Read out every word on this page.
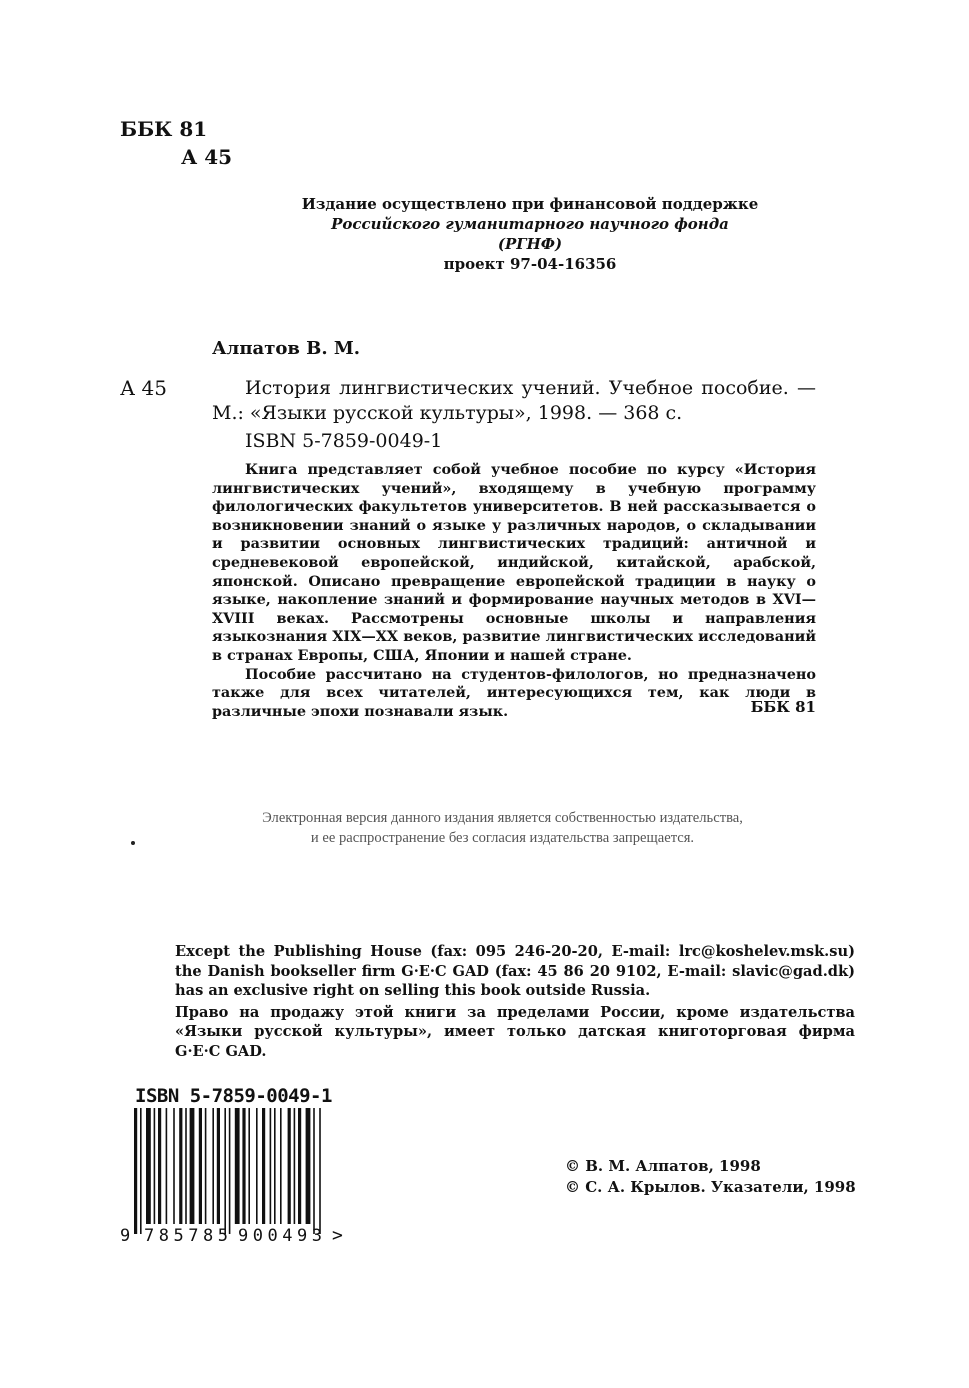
ББК 81
А 45
Издание осуществлено при финансовой поддержке
Российского гуманитарного научного фонда
(РГНФ)
проект 97-04-16356
Алпатов В. М.
А 45	История лингвистических учений. Учебное пособие. — М.: «Языки русской культуры», 1998. — 368 с.
ISBN 5-7859-0049-1

Книга представляет собой учебное пособие по курсу «История лингвистических учений», входящему в учебную программу филологических факультетов университетов. В ней рассказывается о возникновении знаний о языке у различных народов, о складывании и развитии основных лингвистических традиций: античной и средневековой европейской, индийской, китайской, арабской, японской. Описано превращение европейской традиции в науку о языке, накопление знаний и формирование научных методов в XVI—XVIII веках. Рассмотрены основные школы и направления языкознания XIX—XX веков, развитие лингвистических исследований в странах Европы, США, Японии и нашей стране.

Пособие рассчитано на студентов-филологов, но предназначено также для всех читателей, интересующихся тем, как люди в различные эпохи познавали язык.	ББК 81
Электронная версия данного издания является собственностью издательства,
и ее распространение без согласия издательства запрещается.

Except the Publishing House (fax: 095 246-20-20, E-mail: lrc@koshelev.msk.su) the Danish bookseller firm G·E·C GAD (fax: 45 86 20 9102, E-mail: slavic@gad.dk) has an exclusive right on selling this book outside Russia.

Право на продажу этой книги за пределами России, кроме издательства «Языки русской культуры», имеет только датская книготорговая фирма G·E·C GAD.

ISBN 5-7859-0049-1
9 785785 900493 >
© В. М. Алпатов, 1998
© С. А. Крылов. Указатели, 1998
